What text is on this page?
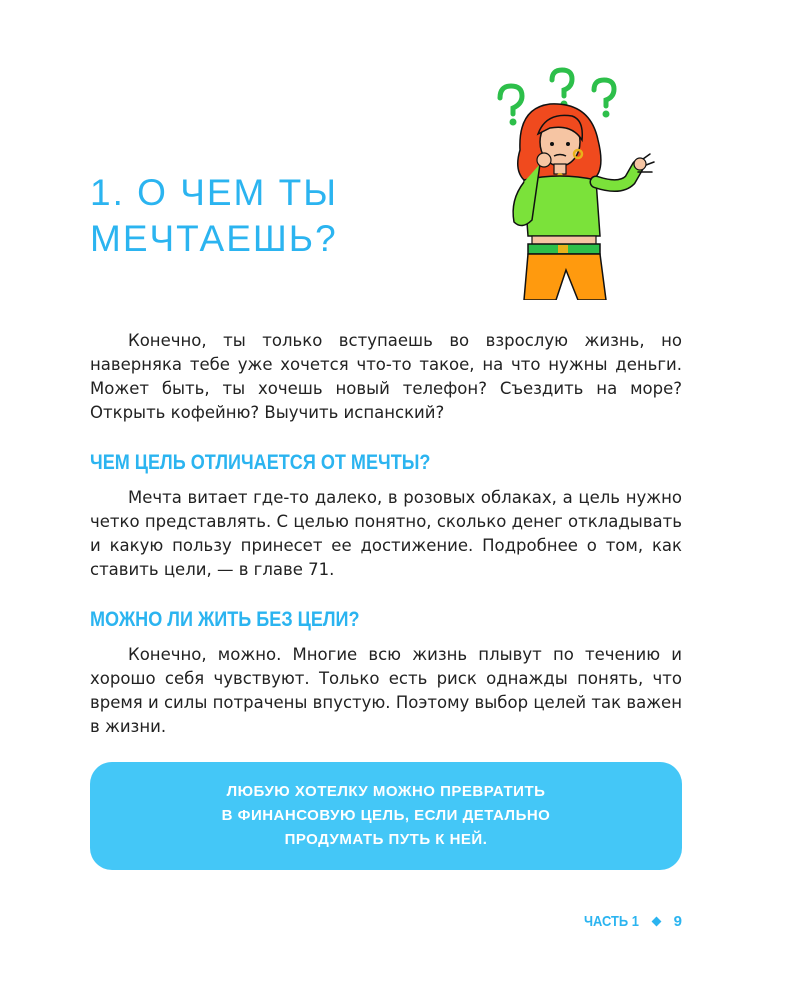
1. О ЧЕМ ТЫ
МЕЧТАЕШЬ?

Конечно, ты только вступаешь во взрослую жизнь, но наверняка тебе уже хочется что-то такое, на что нужны деньги. Может быть, ты хочешь новый телефон? Съездить на море? Открыть кофейню? Выучить испанский?

ЧЕМ ЦЕЛЬ ОТЛИЧАЕТСЯ ОТ МЕЧТЫ?

Мечта витает где-то далеко, в розовых облаках, а цель нужно четко представлять. С целью понятно, сколько денег откладывать и какую пользу принесет ее достижение. Подробнее о том, как ставить цели, — в главе 71.

МОЖНО ЛИ ЖИТЬ БЕЗ ЦЕЛИ?

Конечно, можно. Многие всю жизнь плывут по течению и хорошо себя чувствуют. Только есть риск однажды понять, что время и силы потрачены впустую. Поэтому выбор целей так важен в жизни.

ЛЮБУЮ ХОТЕЛКУ МОЖНО ПРЕВРАТИТЬ
В ФИНАНСОВУЮ ЦЕЛЬ, ЕСЛИ ДЕТАЛЬНО
ПРОДУМАТЬ ПУТЬ К НЕЙ.
ЧАСТЬ 1 9
